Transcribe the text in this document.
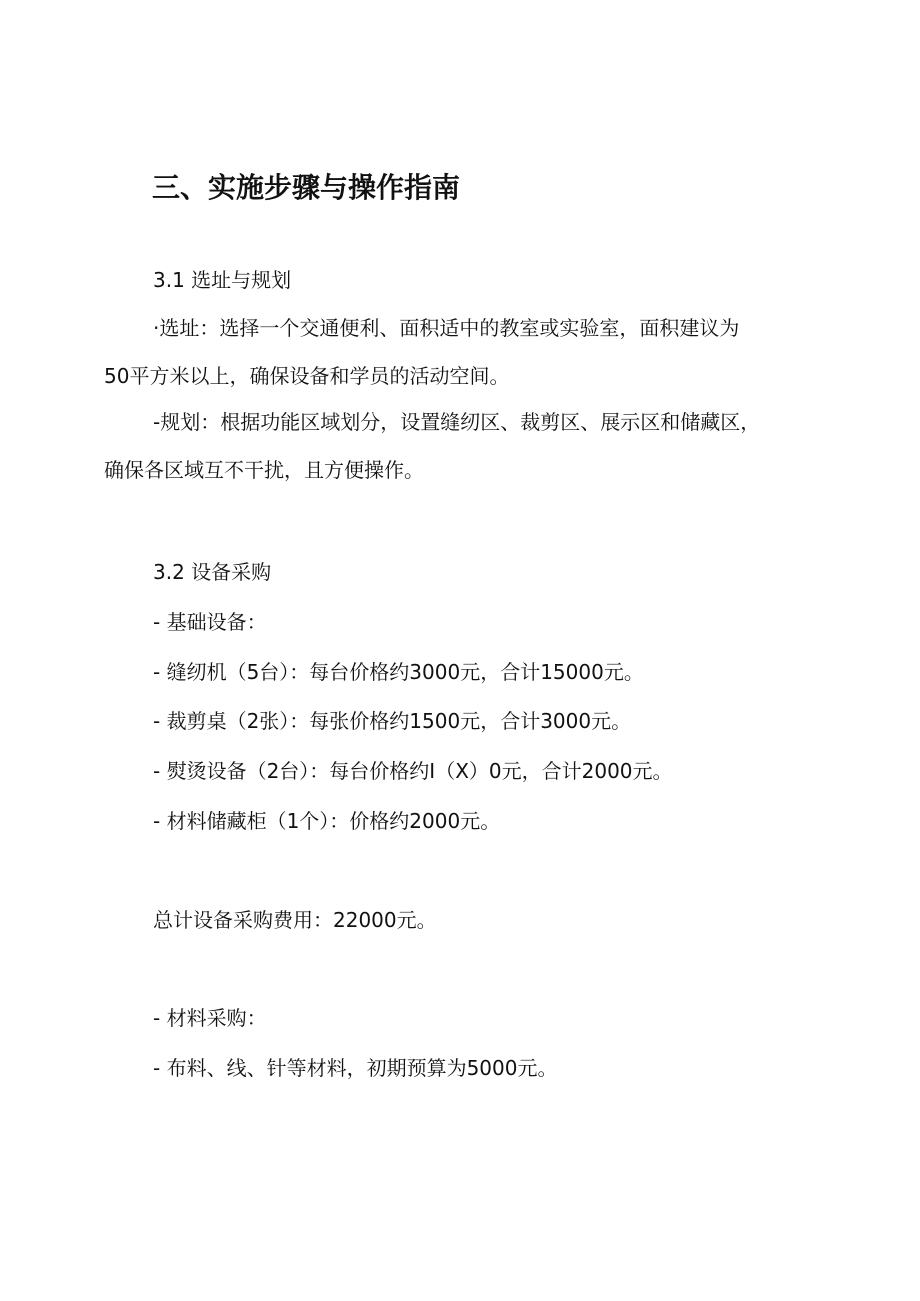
三、实施步骤与操作指南
3.1 选址与规划
·选址：选择一个交通便利、面积适中的教室或实验室，面积建议为
50平方米以上，确保设备和学员的活动空间。
-规划：根据功能区域划分，设置缝纫区、裁剪区、展示区和储藏区，
确保各区域互不干扰，且方便操作。
3.2 设备采购
- 基础设备：
- 缝纫机（5台）：每台价格约3000元，合计15000元。
- 裁剪桌（2张）：每张价格约1500元，合计3000元。
- 熨烫设备（2台）：每台价格约I（X）0元，合计2000元。
- 材料储藏柜（1个）：价格约2000元。
总计设备采购费用：22000元。
- 材料采购：
- 布料、线、针等材料，初期预算为5000元。
